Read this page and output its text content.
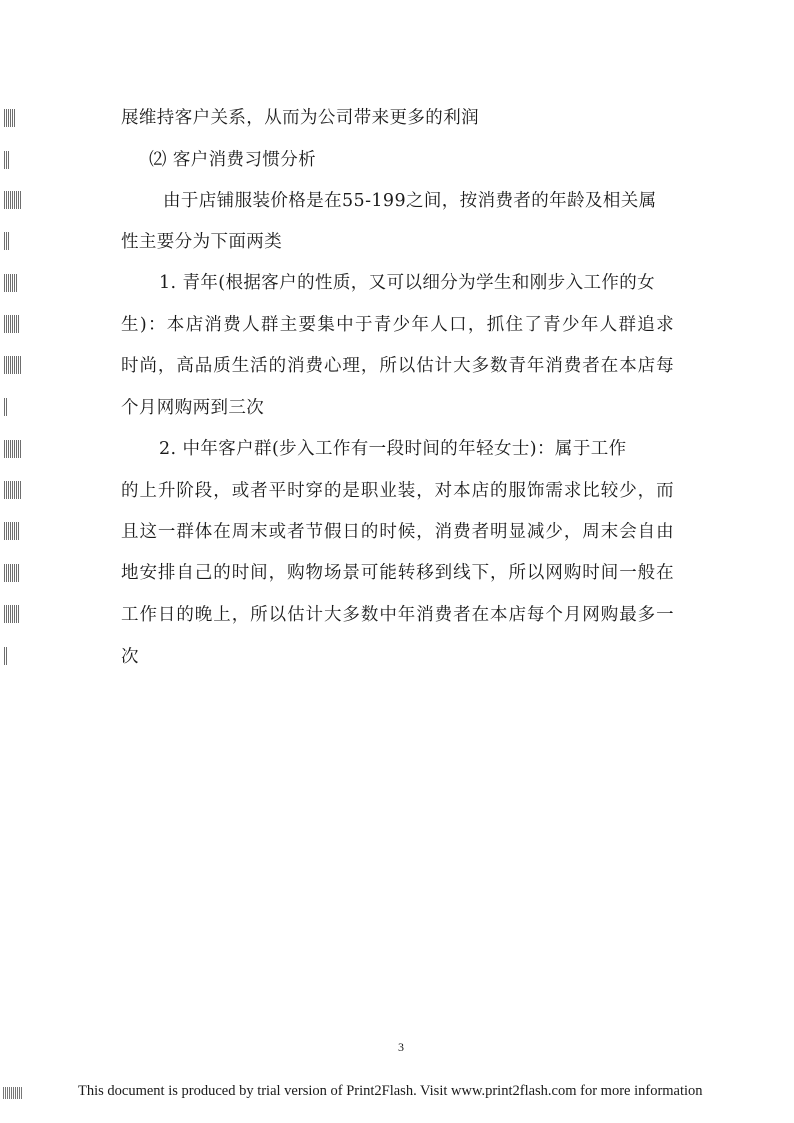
展维持客户关系，从而为公司带来更多的利润
⑵ 客户消费习惯分析
由于店铺服装价格是在55-199之间，按消费者的年龄及相关属
性主要分为下面两类
1. 青年(根据客户的性质，又可以细分为学生和刚步入工作的女
生)：本店消费人群主要集中于青少年人口，抓住了青少年人群追求
时尚，高品质生活的消费心理，所以估计大多数青年消费者在本店每
个月网购两到三次
2. 中年客户群(步入工作有一段时间的年轻女士)：属于工作
的上升阶段，或者平时穿的是职业装，对本店的服饰需求比较少，而
且这一群体在周末或者节假日的时候，消费者明显减少，周末会自由
地安排自己的时间，购物场景可能转移到线下，所以网购时间一般在
工作日的晚上，所以估计大多数中年消费者在本店每个月网购最多一
次
3
This document is produced by trial version of Print2Flash. Visit www.print2flash.com for more information
